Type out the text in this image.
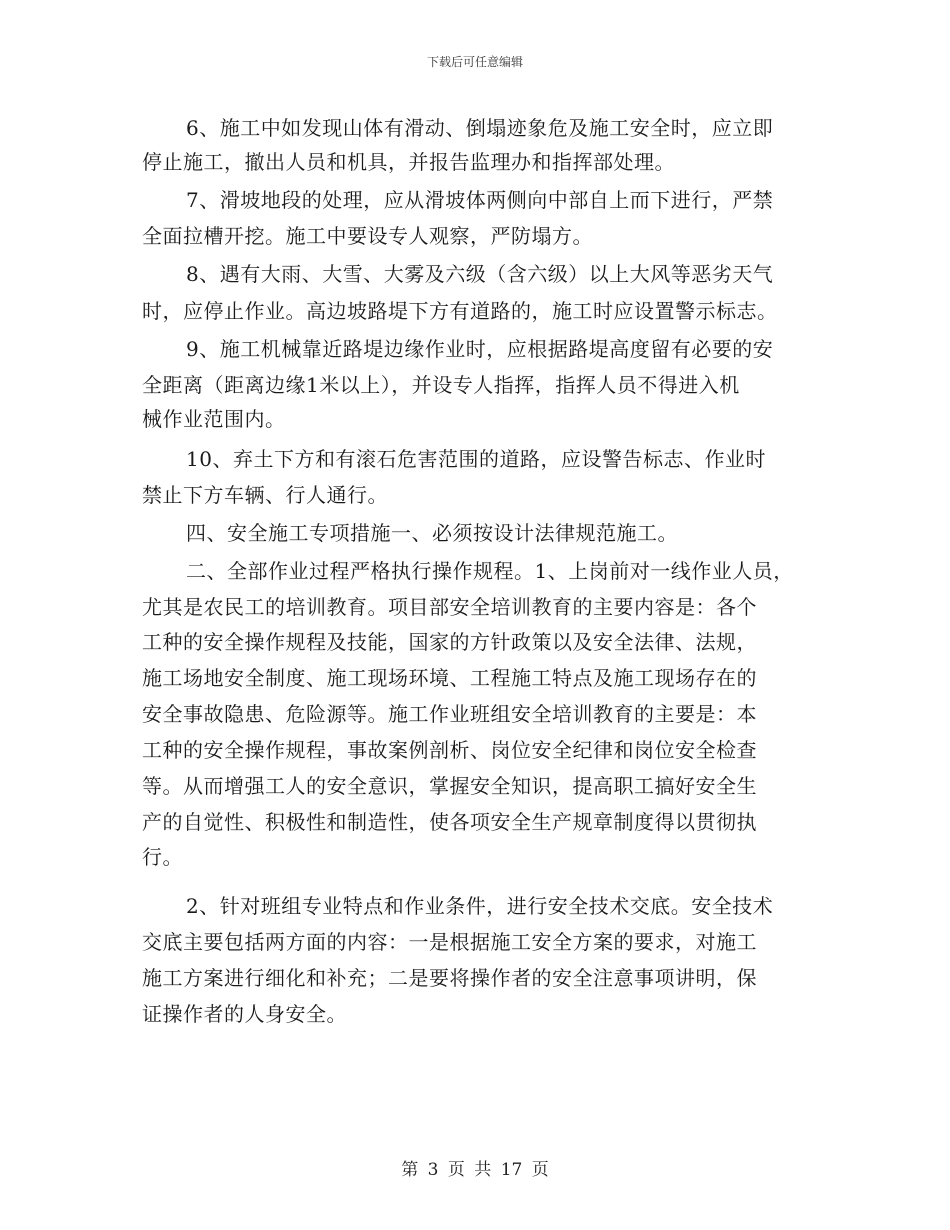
下载后可任意编辑
6、施工中如发现山体有滑动、倒塌迹象危及施工安全时，应立即
停止施工，撤出人员和机具，并报告监理办和指挥部处理。
7、滑坡地段的处理，应从滑坡体两侧向中部自上而下进行，严禁
全面拉槽开挖。施工中要设专人观察，严防塌方。
8、遇有大雨、大雪、大雾及六级（含六级）以上大风等恶劣天气
时，应停止作业。高边坡路堤下方有道路的，施工时应设置警示标志。
9、施工机械靠近路堤边缘作业时，应根据路堤高度留有必要的安
全距离（距离边缘1米以上），并设专人指挥，指挥人员不得进入机
械作业范围内。
10、弃土下方和有滚石危害范围的道路，应设警告标志、作业时
禁止下方车辆、行人通行。
四、安全施工专项措施一、必须按设计法律规范施工。
二、全部作业过程严格执行操作规程。1、上岗前对一线作业人员，
尤其是农民工的培训教育。项目部安全培训教育的主要内容是：各个
工种的安全操作规程及技能，国家的方针政策以及安全法律、法规，
施工场地安全制度、施工现场环境、工程施工特点及施工现场存在的
安全事故隐患、危险源等。施工作业班组安全培训教育的主要是：本
工种的安全操作规程，事故案例剖析、岗位安全纪律和岗位安全检查
等。从而增强工人的安全意识，掌握安全知识，提高职工搞好安全生
产的自觉性、积极性和制造性，使各项安全生产规章制度得以贯彻执
行。
2、针对班组专业特点和作业条件，进行安全技术交底。安全技术
交底主要包括两方面的内容：一是根据施工安全方案的要求，对施工
施工方案进行细化和补充；二是要将操作者的安全注意事项讲明，保
证操作者的人身安全。
第 3 页 共 17 页
